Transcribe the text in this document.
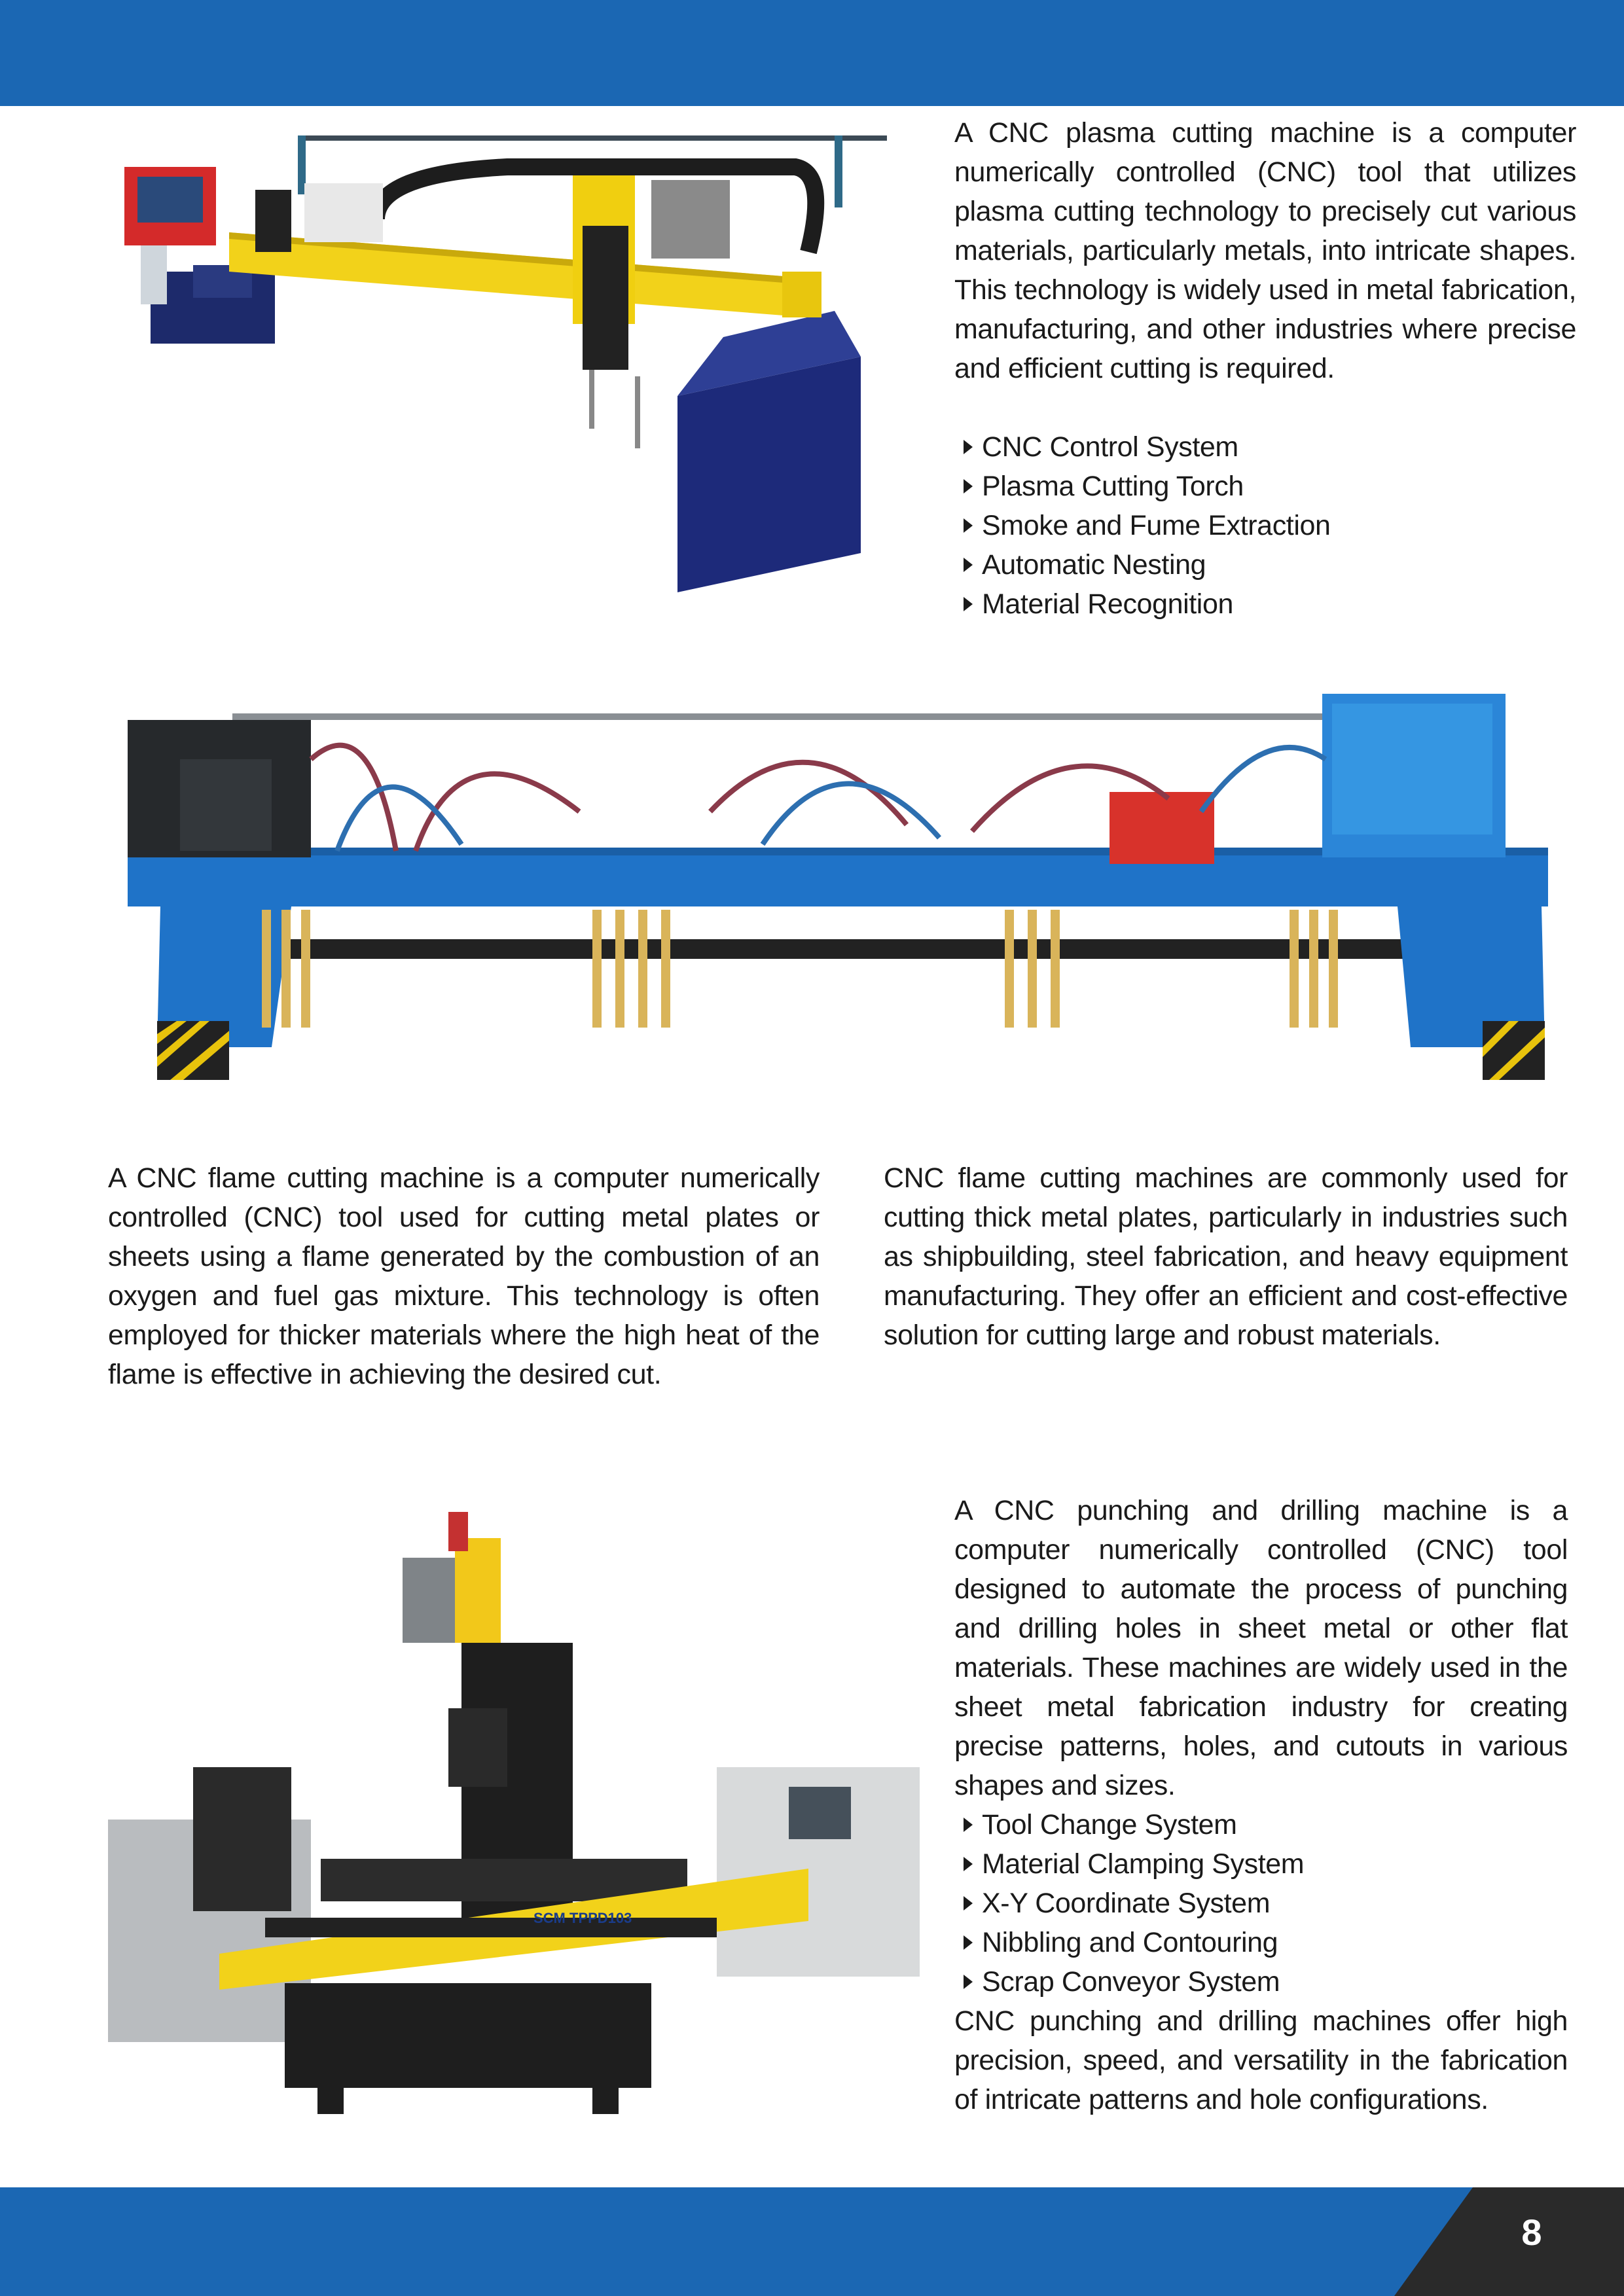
A CNC plasma cutting machine is a computer numerically controlled (CNC) tool that utilizes plasma cutting technology to precisely cut various materials, particularly metals, into intricate shapes. This technology is widely used in metal fabrication, manufacturing, and other industries where precise and efficient cutting is required.

CNC Control System
Plasma Cutting Torch
Smoke and Fume Extraction
Automatic Nesting
Material Recognition

A CNC flame cutting machine is a computer numerically controlled (CNC) tool used for cutting metal plates or sheets using a flame generated by the combustion of an oxygen and fuel gas mixture. This technology is often employed for thicker materials where the high heat of the flame is effective in achieving the desired cut.

CNC flame cutting machines are commonly used for cutting thick metal plates, particularly in industries such as shipbuilding, steel fabrication, and heavy equipment manufacturing. They offer an efficient and cost-effective solution for cutting large and robust materials.

SCM TPPD103

A CNC punching and drilling machine is a computer numerically controlled (CNC) tool designed to automate the process of punching and drilling holes in sheet metal or other flat materials. These machines are widely used in the sheet metal fabrication industry for creating precise patterns, holes, and cutouts in various shapes and sizes.

Tool Change System
Material Clamping System
X-Y Coordinate System
Nibbling and Contouring
Scrap Conveyor System

CNC punching and drilling machines offer high precision, speed, and versatility in the fabrication of intricate patterns and hole configurations.

8
